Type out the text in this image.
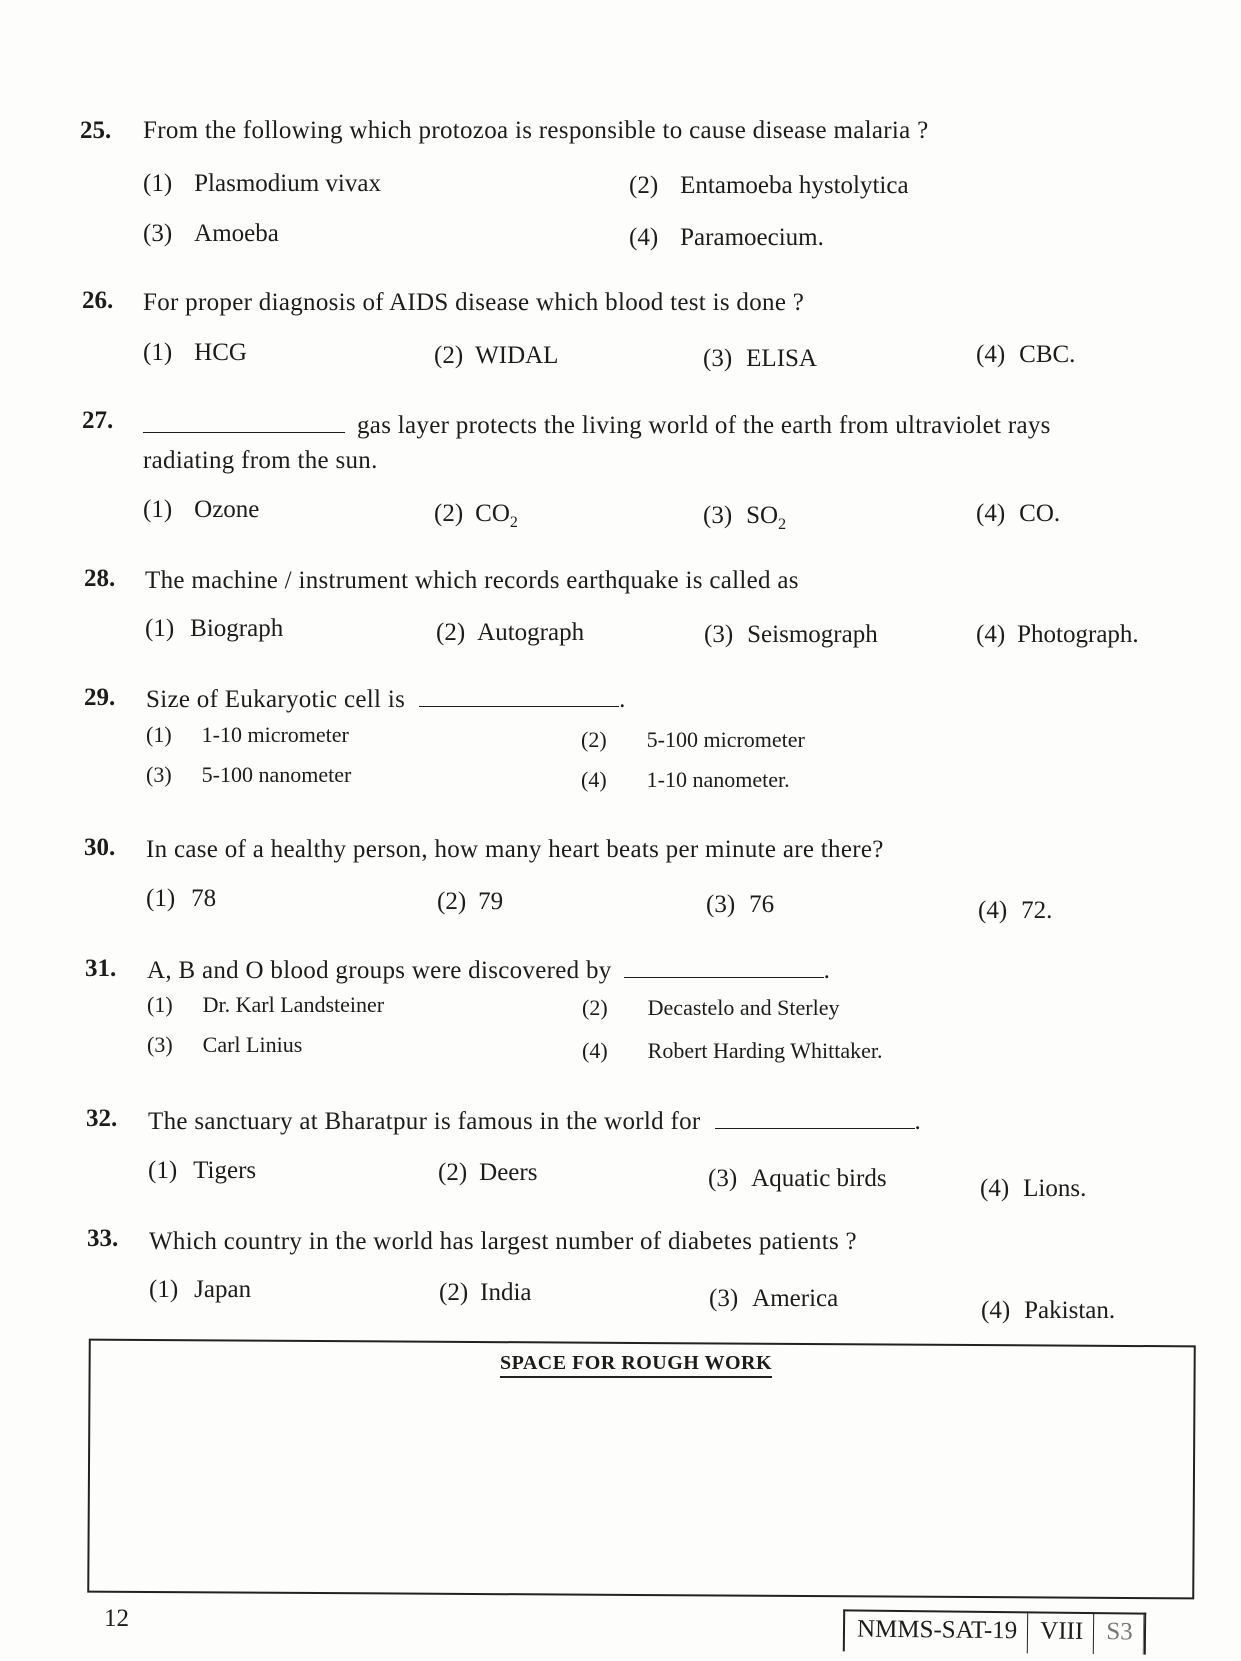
25. From the following which protozoa is responsible to cause disease malaria ?
(1) Plasmodium vivax	(2) Entamoeba hystolytica
(3) Amoeba	(4) Paramoecium.
26. For proper diagnosis of AIDS disease which blood test is done ?
(1) HCG	(2) WIDAL	(3) ELISA	(4) CBC.
27.	gas layer protects the living world of the earth from ultraviolet rays
radiating from the sun.
(1) Ozone	(2) $CO_2$	(3) $SO_2$	(4) CO.
28. The machine / instrument which records earthquake is called as
(1) Biograph	(2) Autograph	(3) Seismograph	(4) Photograph.
29. Size of Eukaryotic cell is	.
(1) 1-10 micrometer	(2) 5-100 micrometer
(3) 5-100 nanometer	(4) 1-10 nanometer.
30. In case of a healthy person, how many heart beats per minute are there?
(1) 78	(2) 79	(3) 76	(4) 72.
31. A, B and O blood groups were discovered by	.
(1) Dr. Karl Landsteiner	(2) Decastelo and Sterley
(3) Carl Linius	(4) Robert Harding Whittaker.
32. The sanctuary at Bharatpur is famous in the world for	.
(1) Tigers	(2) Deers	(3) Aquatic birds	(4) Lions.
33. Which country in the world has largest number of diabetes patients ?
(1) Japan	(2) India	(3) America	(4) Pakistan.
SPACE FOR ROUGH WORK
12	NMMS-SAT-19 VIII S3
